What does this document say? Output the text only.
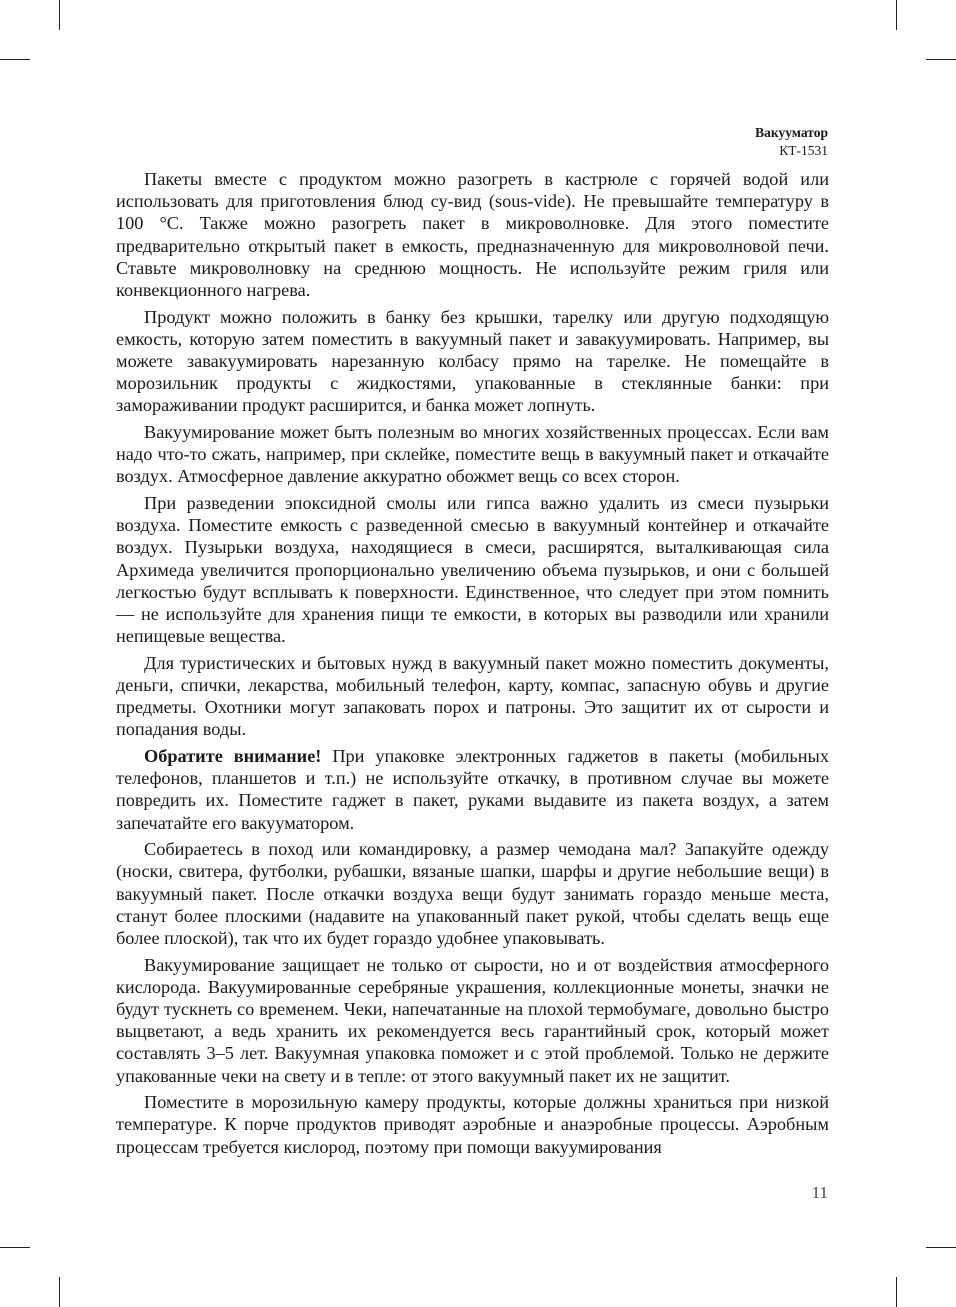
Вакууматор
КТ-1531

Пакеты вместе с продуктом можно разогреть в кастрюле с горячей водой или использовать для приготовления блюд су-вид (sous-vide). Не превышайте температуру в 100 °С. Также можно разогреть пакет в микроволновке. Для этого поместите предварительно открытый пакет в емкость, предназначенную для микроволновой печи. Ставьте микроволновку на среднюю мощность. Не используйте режим гриля или конвекционного нагрева.

Продукт можно положить в банку без крышки, тарелку или другую подходящую емкость, которую затем поместить в вакуумный пакет и завакуумировать. Например, вы можете завакуумировать нарезанную колбасу прямо на тарелке. Не помещайте в морозильник продукты с жидкостями, упакованные в стеклянные банки: при замораживании продукт расширится, и банка может лопнуть.

Вакуумирование может быть полезным во многих хозяйственных процессах. Если вам надо что-то сжать, например, при склейке, поместите вещь в вакуумный пакет и откачайте воздух. Атмосферное давление аккуратно обожмет вещь со всех сторон.

При разведении эпоксидной смолы или гипса важно удалить из смеси пузырьки воздуха. Поместите емкость с разведенной смесью в вакуумный контейнер и откачайте воздух. Пузырьки воздуха, находящиеся в смеси, расширятся, выталкивающая сила Архимеда увеличится пропорционально увеличению объема пузырьков, и они с большей легкостью будут всплывать к поверхности. Единственное, что следует при этом помнить — не используйте для хранения пищи те емкости, в которых вы разводили или хранили непищевые вещества.

Для туристических и бытовых нужд в вакуумный пакет можно поместить документы, деньги, спички, лекарства, мобильный телефон, карту, компас, запасную обувь и другие предметы. Охотники могут запаковать порох и патроны. Это защитит их от сырости и попадания воды.

Обратите внимание! При упаковке электронных гаджетов в пакеты (мобильных телефонов, планшетов и т.п.) не используйте откачку, в противном случае вы можете повредить их. Поместите гаджет в пакет, руками выдавите из пакета воздух, а затем запечатайте его вакууматором.

Собираетесь в поход или командировку, а размер чемодана мал? Запакуйте одежду (носки, свитера, футболки, рубашки, вязаные шапки, шарфы и другие небольшие вещи) в вакуумный пакет. После откачки воздуха вещи будут занимать гораздо меньше места, станут более плоскими (надавите на упакованный пакет рукой, чтобы сделать вещь еще более плоской), так что их будет гораздо удобнее упаковывать.

Вакуумирование защищает не только от сырости, но и от воздействия атмосферного кислорода. Вакуумированные серебряные украшения, коллекционные монеты, значки не будут тускнеть со временем. Чеки, напечатанные на плохой термобумаге, довольно быстро выцветают, а ведь хранить их рекомендуется весь гарантийный срок, который может составлять 3–5 лет. Вакуумная упаковка поможет и с этой проблемой. Только не держите упакованные чеки на свету и в тепле: от этого вакуумный пакет их не защитит.

Поместите в морозильную камеру продукты, которые должны храниться при низкой температуре. К порче продуктов приводят аэробные и анаэробные процессы. Аэробным процессам требуется кислород, поэтому при помощи вакуумирования

11
